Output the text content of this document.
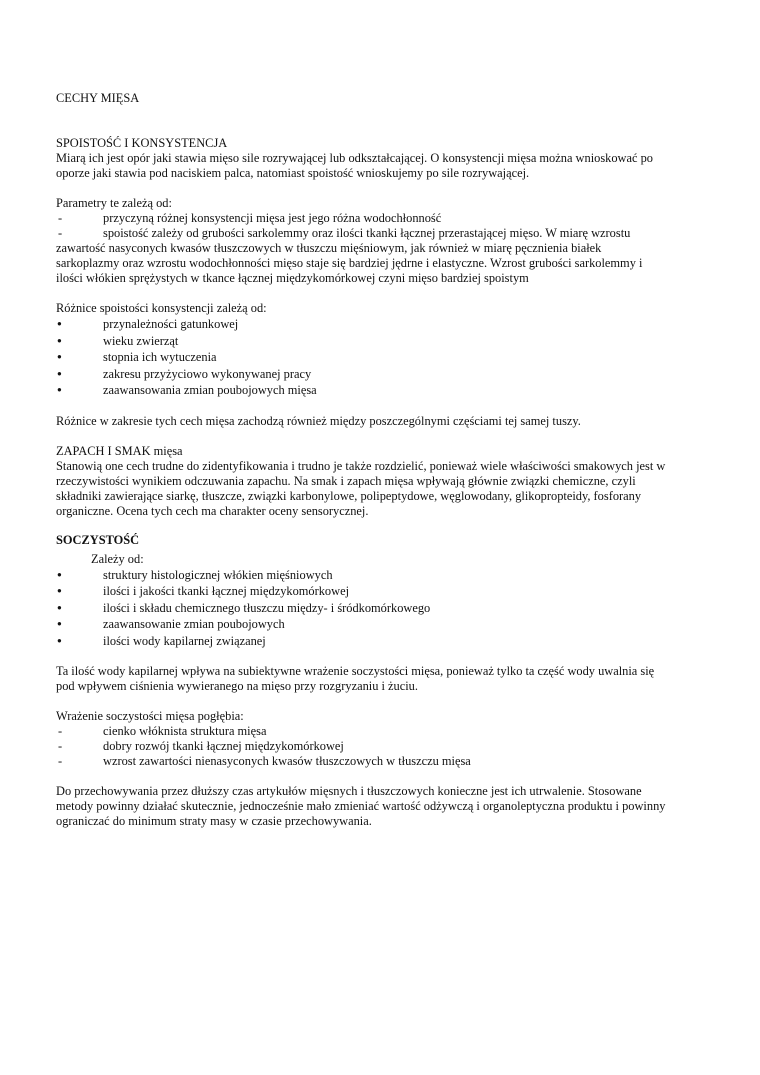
CECHY MIĘSA

SPOISTOŚĆ I KONSYSTENCJA

Miarą ich jest opór jaki stawia mięso sile rozrywającej lub odkształcającej. O konsystencji mięsa można wnioskować po oporze jaki stawia pod naciskiem palca, natomiast spoistość wnioskujemy po sile rozrywającej.

Parametry te zależą od:

- przyczyną różnej konsystencji mięsa jest jego różna wodochłonność
- spoistość zależy od grubości sarkolemmy oraz ilości tkanki łącznej przerastającej mięso. W miarę wzrostu zawartość nasyconych kwasów tłuszczowych w tłuszczu mięśniowym, jak również w miarę pęcznienia białek sarkoplazmy oraz wzrostu wodochłonności mięso staje się bardziej jędrne i elastyczne. Wzrost grubości sarkolemmy i ilości włókien sprężystych w tkance łącznej międzykomórkowej czyni mięso bardziej spoistym

Różnice spoistości konsystencji zależą od:

● przynależności gatunkowej
● wieku zwierząt
● stopnia ich wytuczenia
● zakresu przyżyciowo wykonywanej pracy
● zaawansowania zmian poubojowych mięsa

Różnice w zakresie tych cech mięsa zachodzą również między poszczególnymi częściami tej samej tuszy.

ZAPACH I SMAK mięsa

Stanowią one cech trudne do zidentyfikowania i trudno je także rozdzielić, ponieważ wiele właściwości smakowych jest w rzeczywistości wynikiem odczuwania zapachu. Na smak i zapach mięsa wpływają głównie związki chemiczne, czyli składniki zawierające siarkę, tłuszcze, związki karbonylowe, polipeptydowe, węglowodany, glikopropteidy, fosforany organiczne. Ocena tych cech ma charakter oceny sensorycznej.

SOCZYSTOŚĆ

Zależy od:

● struktury histologicznej włókien mięśniowych
● ilości i jakości tkanki łącznej międzykomórkowej
● ilości i składu chemicznego tłuszczu między- i śródkomórkowego
● zaawansowanie zmian poubojowych
● ilości wody kapilarnej związanej

Ta ilość wody kapilarnej wpływa na subiektywne wrażenie soczystości mięsa, ponieważ tylko ta część wody uwalnia się pod wpływem ciśnienia wywieranego na mięso przy rozgryzaniu i żuciu.

Wrażenie soczystości mięsa pogłębia:

- cienko włóknista struktura mięsa
- dobry rozwój tkanki łącznej międzykomórkowej
- wzrost zawartości nienasyconych kwasów tłuszczowych w tłuszczu mięsa

Do przechowywania przez dłuższy czas artykułów mięsnych i tłuszczowych konieczne jest ich utrwalenie. Stosowane metody powinny działać skutecznie, jednocześnie mało zmieniać wartość odżywczą i organoleptyczna produktu i powinny ograniczać do minimum straty masy w czasie przechowywania.
